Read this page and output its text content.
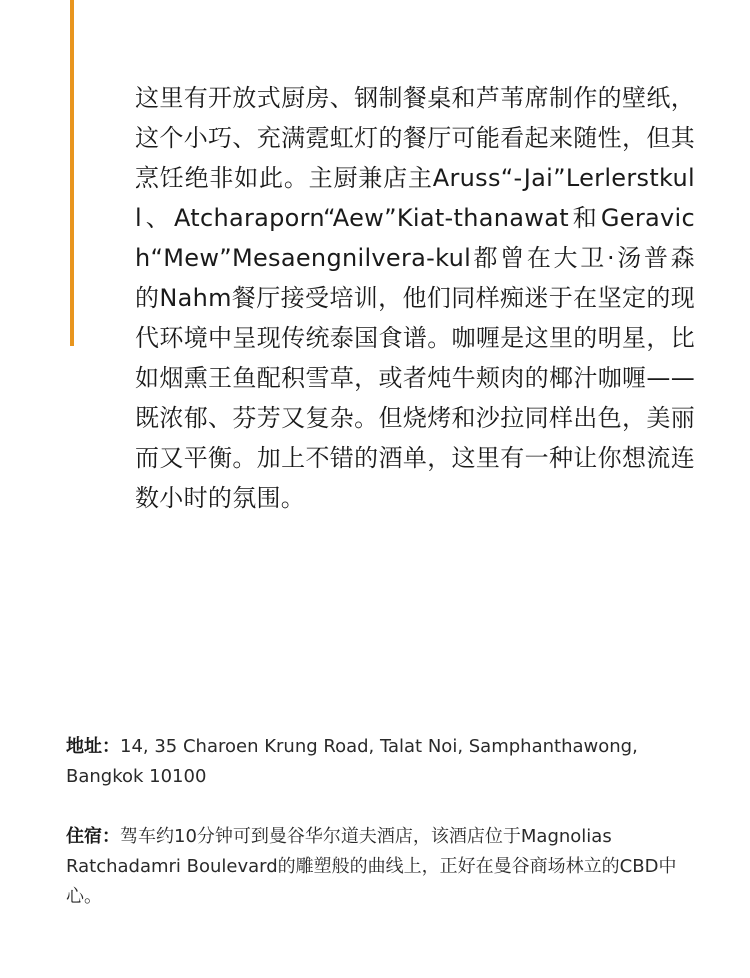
这里有开放式厨房、钢制餐桌和芦苇席制作的壁纸，这个小巧、充满霓虹灯的餐厅可能看起来随性，但其烹饪绝非如此。主厨兼店主Aruss“-Jai”Lerlerstkull、Atcharaporn“Aew”Kiat-thanawat和Geravich“Mew”Mesaengnilvera-kul都曾在大卫·汤普森的Nahm餐厅接受培训，他们同样痴迷于在坚定的现代环境中呈现传统泰国食谱。咖喱是这里的明星，比如烟熏王鱼配积雪草，或者炖牛颊肉的椰汁咖喱——既浓郁、芬芳又复杂。但烧烤和沙拉同样出色，美丽而又平衡。加上不错的酒单，这里有一种让你想流连数小时的氛围。

地址：14, 35 Charoen Krung Road, Talat Noi, Samphanthawong, Bangkok 10100

住宿：驾车约10分钟可到曼谷华尔道夫酒店，该酒店位于Magnolias Ratchadamri Boulevard的雕塑般的曲线上，正好在曼谷商场林立的CBD中心。
